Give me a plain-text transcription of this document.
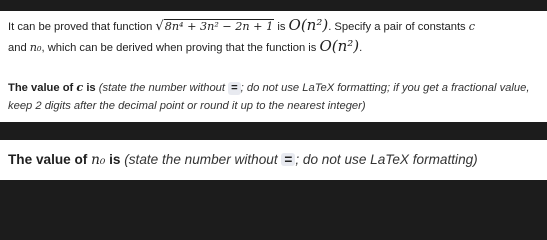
It can be proved that function √8n⁴ + 3n² − 2n + 1 is O(n²). Specify a pair of constants c
and n₀, which can be derived when proving that the function is O(n²).
The value of c is (state the number without = ; do not use LaTeX formatting; if you get a fractional value, keep 2 digits after the decimal point or round it up to the nearest integer)
The value of n₀ is (state the number without = ; do not use LaTeX formatting)
